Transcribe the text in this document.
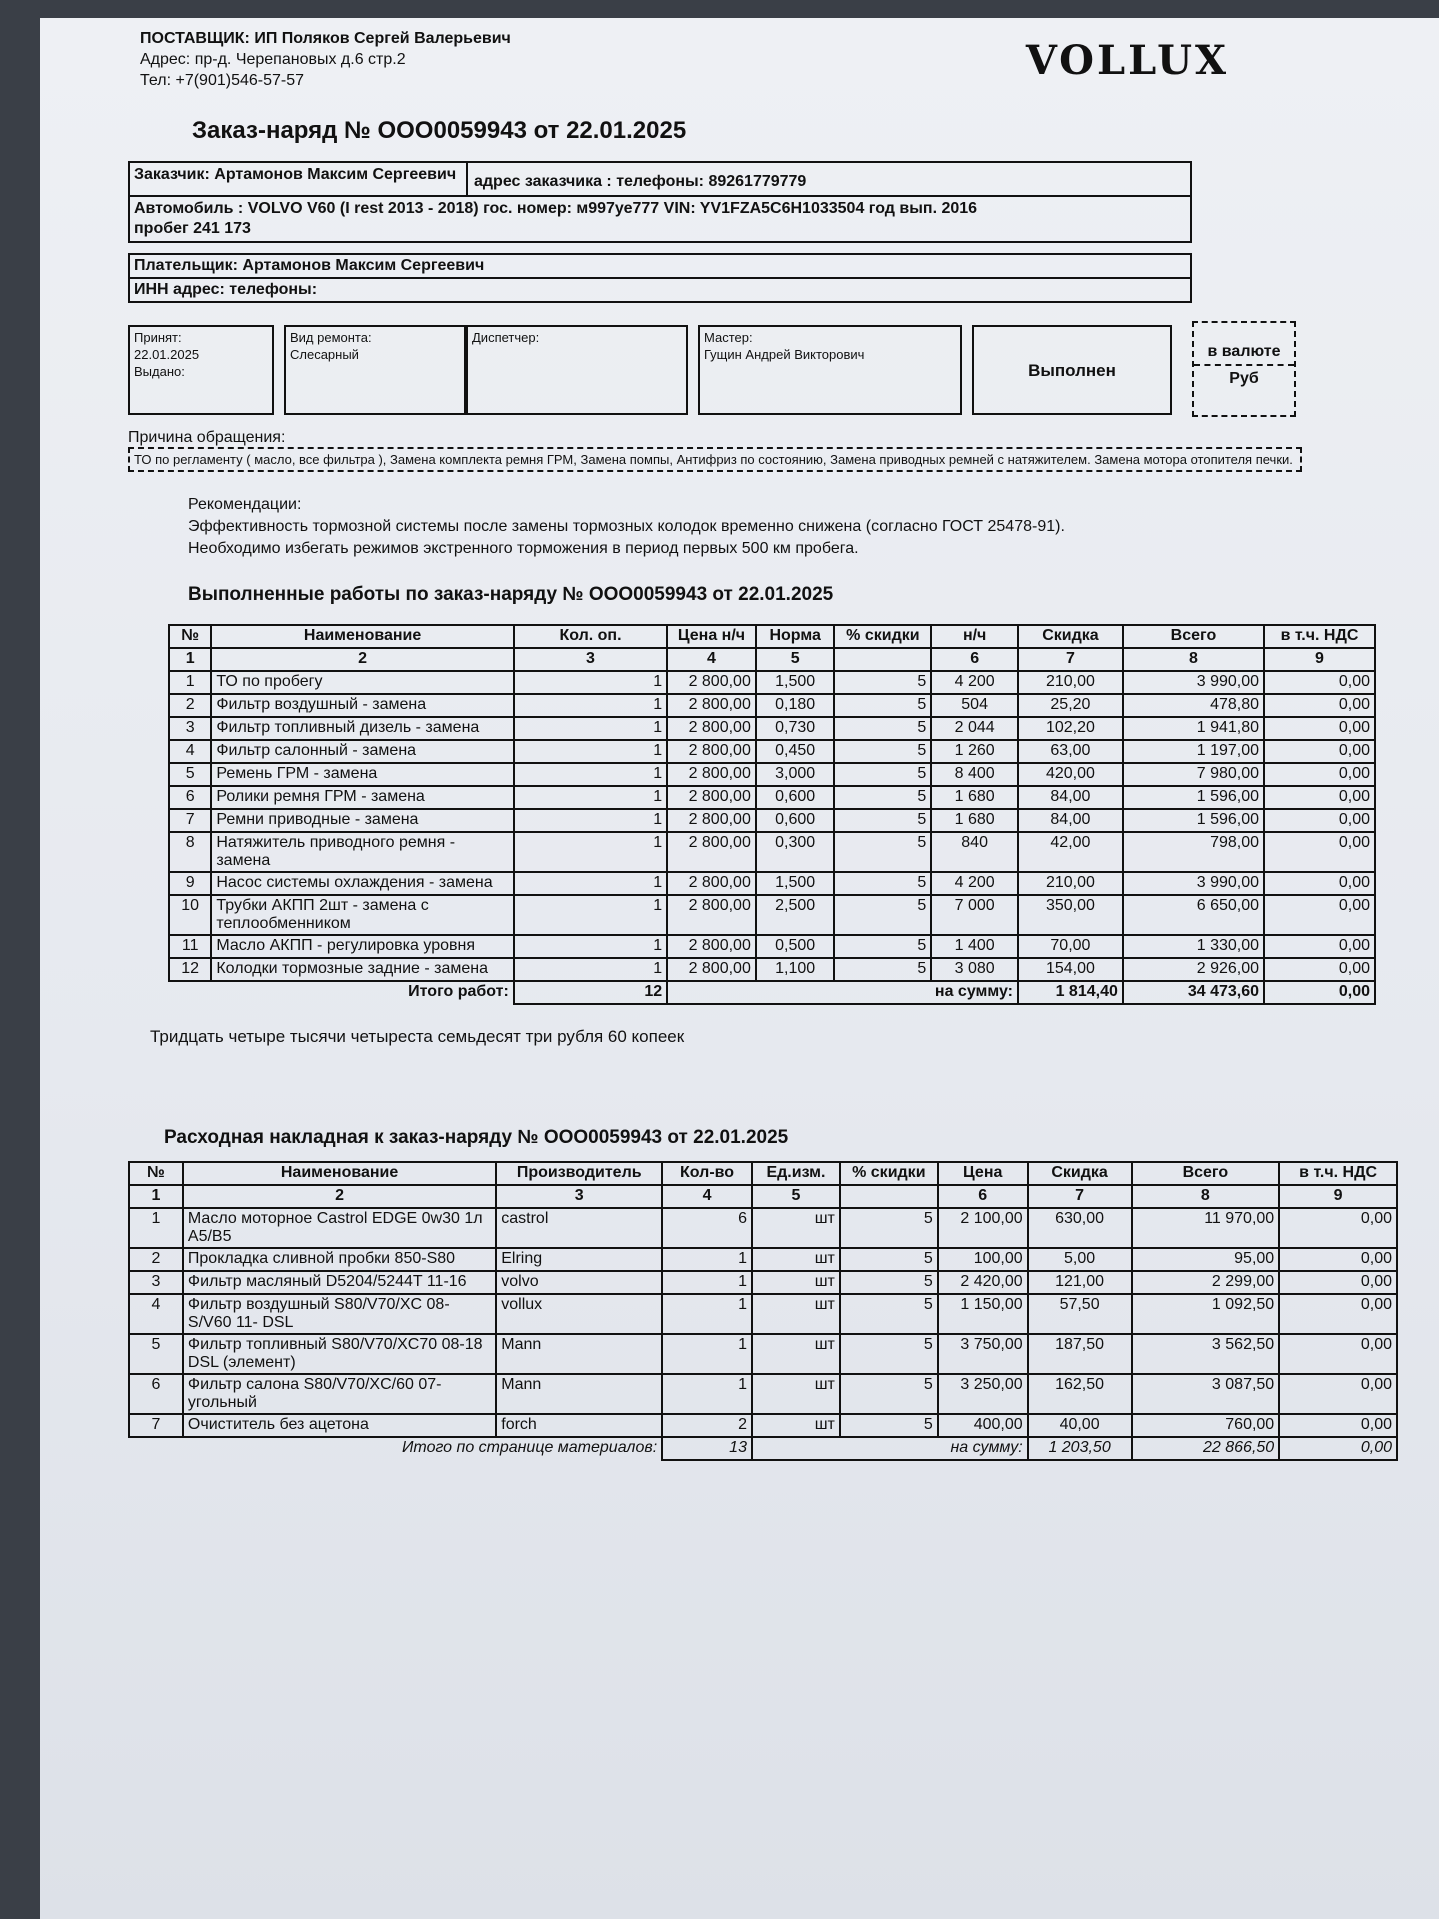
ПОСТАВЩИК: ИП Поляков Сергей Валерьевич
Адрес: пр-д. Черепановых д.6 стр.2
Тел: +7(901)546-57-57	VOLLUX
Заказ-наряд № ООО0059943 от 22.01.2025
Заказчик: Артамонов Максим Сергеевич	адрес заказчика : телефоны: 89261779779
Автомобиль : VOLVO V60 (I rest 2013 - 2018) гос. номер: м997уе777 VIN: YV1FZA5C6H1033504 год вып. 2016
пробег 241 173
Плательщик: Артамонов Максим Сергеевич
ИНН адрес: телефоны:
Принят:
22.01.2025
Выдано:
Вид ремонта:
Слесарный
Диспетчер:	Мастер:
Гущин Андрей Викторович
Выполнен
в валюте
Руб
Причина обращения:
ТО по регламенту ( масло, все фильтра ), Замена комплекта ремня ГРМ, Замена помпы, Антифриз по состоянию, Замена приводных ремней с натяжителем. Замена мотора отопителя печки.
Рекомендации:
Эффективность тормозной системы после замены тормозных колодок временно снижена (согласно ГОСТ 25478-91).
Необходимо избегать режимов экстренного торможения в период первых 500 км пробега.
Выполненные работы по заказ-наряду № ООО0059943 от 22.01.2025
№	Наименование	Кол. оп.	Цена н/ч	Норма	% скидки	н/ч	Скидка	Всего	в т.ч. НДС
1	2	3	4	5		6	7	8	9
1	ТО по пробегу	1	2 800,00	1,500	5	4 200	210,00	3 990,00	0,00
2	Фильтр воздушный - замена	1	2 800,00	0,180	5	504	25,20	478,80	0,00
3	Фильтр топливный дизель - замена	1	2 800,00	0,730	5	2 044	102,20	1 941,80	0,00
4	Фильтр салонный - замена	1	2 800,00	0,450	5	1 260	63,00	1 197,00	0,00
5	Ремень ГРМ - замена	1	2 800,00	3,000	5	8 400	420,00	7 980,00	0,00
6	Ролики ремня ГРМ - замена	1	2 800,00	0,600	5	1 680	84,00	1 596,00	0,00
7	Ремни приводные - замена	1	2 800,00	0,600	5	1 680	84,00	1 596,00	0,00
8	Натяжитель приводного ремня - замена	1	2 800,00	0,300	5	840	42,00	798,00	0,00
9	Насос системы охлаждения - замена	1	2 800,00	1,500	5	4 200	210,00	3 990,00	0,00
10	Трубки АКПП 2шт - замена с теплообменником	1	2 800,00	2,500	5	7 000	350,00	6 650,00	0,00
11	Масло АКПП - регулировка уровня	1	2 800,00	0,500	5	1 400	70,00	1 330,00	0,00
12	Колодки тормозные задние - замена	1	2 800,00	1,100	5	3 080	154,00	2 926,00	0,00
Итого работ:		12	на сумму:				1 814,40	34 473,60	0,00
Тридцать четыре тысячи четыреста семьдесят три рубля 60 копеек
Расходная накладная к заказ-наряду № ООО0059943 от 22.01.2025
№	Наименование	Производитель	Кол-во	Ед.изм.	% скидки	Цена	Скидка	Всего	в т.ч. НДС
1	2	3	4	5		6	7	8	9
1	Масло моторное Castrol EDGE 0w30 1л A5/B5	castrol	6	шт	5	2 100,00	630,00	11 970,00	0,00
2	Прокладка сливной пробки 850-S80	Elring	1	шт	5	100,00	5,00	95,00	0,00
3	Фильтр масляный D5204/5244T 11-16	volvo	1	шт	5	2 420,00	121,00	2 299,00	0,00
4	Фильтр воздушный S80/V70/XC 08-S/V60 11- DSL	vollux	1	шт	5	1 150,00	57,50	1 092,50	0,00
5	Фильтр топливный S80/V70/XC70 08-18 DSL (элемент)	Mann	1	шт	5	3 750,00	187,50	3 562,50	0,00
6	Фильтр салона S80/V70/XC/60 07- угольный	Mann	1	шт	5	3 250,00	162,50	3 087,50	0,00
7	Очиститель без ацетона	forch	2	шт	5	400,00	40,00	760,00	0,00
Итого по странице материалов:			13	на сумму:			1 203,50	22 866,50	0,00
